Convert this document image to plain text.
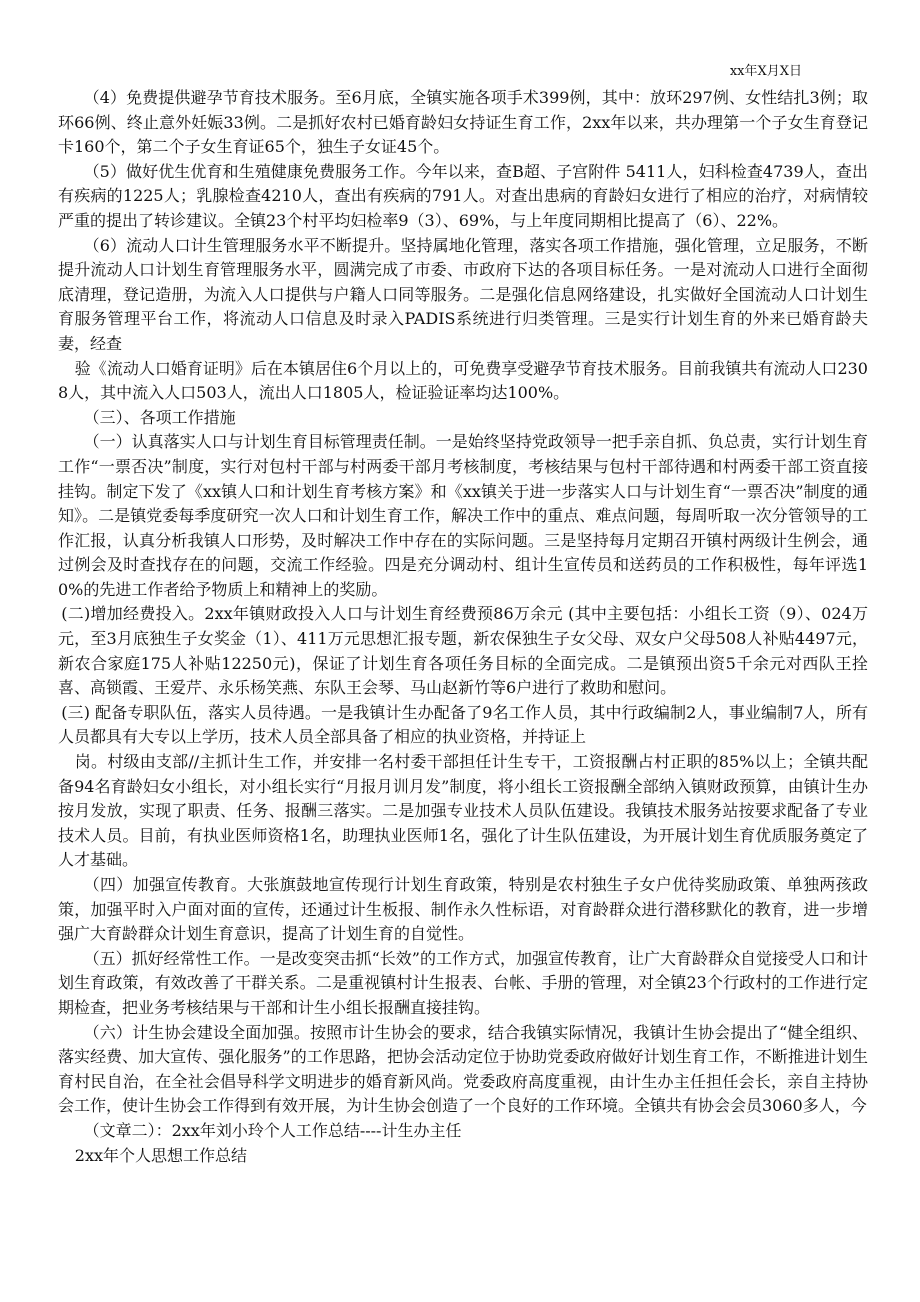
xx年X月X日

（4）免费提供避孕节育技术服务。至6月底，全镇实施各项手术399例，其中：放环297例、女性结扎3例；取环66例、终止意外妊娠33例。二是抓好农村已婚育龄妇女持证生育工作，2xx年以来，共办理第一个子女生育登记卡160个，第二个子女生育证65个，独生子女证45个。

（5）做好优生优育和生殖健康免费服务工作。今年以来，查B超、子宫附件 5411人，妇科检查4739人，查出有疾病的1225人；乳腺检查4210人，查出有疾病的791人。对查出患病的育龄妇女进行了相应的治疗，对病情较严重的提出了转诊建议。全镇23个村平均妇检率9（3）、69%，与上年度同期相比提高了（6）、22%。

（6）流动人口计生管理服务水平不断提升。坚持属地化管理，落实各项工作措施，强化管理，立足服务，不断提升流动人口计划生育管理服务水平，圆满完成了市委、市政府下达的各项目标任务。一是对流动人口进行全面彻底清理，登记造册，为流入人口提供与户籍人口同等服务。二是强化信息网络建设，扎实做好全国流动人口计划生育服务管理平台工作，将流动人口信息及时录入PADIS系统进行归类管理。三是实行计划生育的外来已婚育龄夫妻，经查

验《流动人口婚育证明》后在本镇居住6个月以上的，可免费享受避孕节育技术服务。目前我镇共有流动人口2308人，其中流入人口503人，流出人口1805人，检证验证率均达100%。

（三）、各项工作措施

（一）认真落实人口与计划生育目标管理责任制。一是始终坚持党政领导一把手亲自抓、负总责，实行计划生育工作“一票否决”制度，实行对包村干部与村两委干部月考核制度，考核结果与包村干部待遇和村两委干部工资直接挂钩。制定下发了《xx镇人口和计划生育考核方案》和《xx镇关于进一步落实人口与计划生育“一票否决”制度的通知》。二是镇党委每季度研究一次人口和计划生育工作，解决工作中的重点、难点问题，每周听取一次分管领导的工作汇报，认真分析我镇人口形势，及时解决工作中存在的实际问题。三是坚持每月定期召开镇村两级计生例会，通过例会及时查找存在的问题，交流工作经验。四是充分调动村、组计生宣传员和送药员的工作积极性，每年评选10%的先进工作者给予物质上和精神上的奖励。

(二)增加经费投入。2xx年镇财政投入人口与计划生育经费预86万余元 (其中主要包括：小组长工资（9）、024万元，至3月底独生子女奖金（1）、411万元思想汇报专题，新农保独生子女父母、双女户父母508人补贴4497元，新农合家庭175人补贴12250元)，保证了计划生育各项任务目标的全面完成。二是镇预出资5千余元对西队王拴喜、高锁霞、王爱芹、永乐杨笑燕、东队王会琴、马山赵新竹等6户进行了救助和慰问。

(三) 配备专职队伍，落实人员待遇。一是我镇计生办配备了9名工作人员，其中行政编制2人，事业编制7人，所有人员都具有大专以上学历，技术人员全部具备了相应的执业资格，并持证上

岗。村级由支部//主抓计生工作，并安排一名村委干部担任计生专干，工资报酬占村正职的85%以上；全镇共配备94名育龄妇女小组长，对小组长实行“月报月训月发”制度，将小组长工资报酬全部纳入镇财政预算，由镇计生办按月发放，实现了职责、任务、报酬三落实。二是加强专业技术人员队伍建设。我镇技术服务站按要求配备了专业技术人员。目前，有执业医师资格1名，助理执业医师1名，强化了计生队伍建设，为开展计划生育优质服务奠定了人才基础。

（四）加强宣传教育。大张旗鼓地宣传现行计划生育政策，特别是农村独生子女户优待奖励政策、单独两孩政策，加强平时入户面对面的宣传，还通过计生板报、制作永久性标语，对育龄群众进行潜移默化的教育，进一步增强广大育龄群众计划生育意识，提高了计划生育的自觉性。

（五）抓好经常性工作。一是改变突击抓“长效”的工作方式，加强宣传教育，让广大育龄群众自觉接受人口和计划生育政策，有效改善了干群关系。二是重视镇村计生报表、台帐、手册的管理，对全镇23个行政村的工作进行定期检查，把业务考核结果与干部和计生小组长报酬直接挂钩。

（六）计生协会建设全面加强。按照市计生协会的要求，结合我镇实际情况，我镇计生协会提出了“健全组织、落实经费、加大宣传、强化服务”的工作思路，把协会活动定位于协助党委政府做好计划生育工作，不断推进计划生育村民自治，在全社会倡导科学文明进步的婚育新风尚。党委政府高度重视，由计生办主任担任会长，亲自主持协会工作，使计生协会工作得到有效开展，为计生协会创造了一个良好的工作环境。全镇共有协会会员3060多人，今

（文章二）：2xx年刘小玲个人工作总结----计生办主任

2xx年个人思想工作总结
